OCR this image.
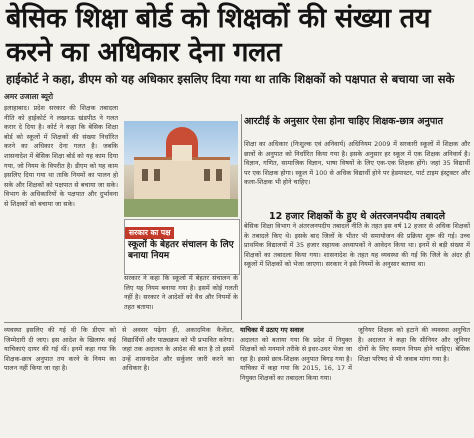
बेसिक शिक्षा बोर्ड को शिक्षकों की संख्या तय करने का अधिकार देना गलत
हाईकोर्ट ने कहा, डीएम को यह अधिकार इसलिए दिया गया था ताकि शिक्षकों को पक्षपात से बचाया जा सके
अमर उजाला ब्यूरो

इलाहाबाद। प्रदेश सरकार की शिक्षक तबादला नीति को हाईकोर्ट ने लखनऊ खंडपीठ ने गलत करार दे दिया है। कोर्ट ने कहा कि बेसिक शिक्षा बोर्ड को स्कूलों में शिक्षकों की संख्या निर्धारित करने का अधिकार देना गलत है। जबकि शासनादेश में बेसिक शिक्षा बोर्ड को यह काम दिया गया, जो नियम के विपरीत है। डीएम को यह काम इसलिए दिया गया था ताकि नियमों का पालन हो सके और शिक्षकों को पक्षपात से बचाया जा सके। विभाग के अधिकारियों के पक्षपात और दुर्भावना से शिक्षकों को बचाया जा सके।

सरकार का पक्ष
स्कूलों के बेहतर संचालन के लिए बनाया नियम

सरकार ने कहा कि स्कूलों में बेहतर संचालन के लिए यह नियम बनाया गया है। इसमें कोई गलती नहीं है। सरकार ने आदेशों को वैध और नियमों के तहत बताया।

आरटीई के अनुसार ऐसा होना चाहिए शिक्षक-छात्र अनुपात

शिक्षा का अधिकार (निःशुल्क एवं अनिवार्य) अधिनियम 2009 में सरकारी स्कूलों में शिक्षक और छात्रों के अनुपात को निर्धारित किया गया है। इसके अनुसार हर स्कूल में एक शिक्षक अनिवार्य है। विज्ञान, गणित, सामाजिक विज्ञान, भाषा विषयों के लिए एक-एक शिक्षक होंगे। जहां 35 विद्यार्थी पर एक शिक्षक होगा। स्कूल में 100 से अधिक विद्यार्थी होने पर हेडमास्टर, पार्ट टाइम इंस्ट्रक्टर और कला-शिक्षक भी होने चाहिए।

12 हजार शिक्षकों के हुए थे अंतरजनपदीय तबादले

बेसिक शिक्षा विभाग ने अंतरजनपदीय तबादले नीति के तहत इस वर्ष 12 हजार से अधिक शिक्षकों के तबादले किए थे। इसके बाद जिलों के भीतर भी समायोजन की प्रक्रिया शुरू की गई। उच्च प्राथमिक विद्यालयों में 35 हजार सहायक अध्यापकों ने आवेदन किया था। इनमें से बड़ी संख्या में शिक्षकों का तबादला किया गया। शासनादेश के तहत यह व्यवस्था की गई कि जिले के अंदर ही स्कूलों में शिक्षकों को भेजा जाएगा। सरकार ने इसे नियमों के अनुसार बताया था।

व्यवस्था इसलिए की गई थी कि डीएम को जिम्मेदारी दी जाए। इस आदेश के खिलाफ कई याचिकाएं दायर की गई थीं। इनमें कहा गया कि शिक्षक-छात्र अनुपात तय करने के नियम का पालन नहीं किया जा रहा है।

से अवसर पढ़ेगा ही, अकादमिक कैलेंडर, विद्यार्थियों और पाठ्यक्रम को भी प्रभावित करेगा। जहां तक अदालत के आदेश की बात है तो इसमें उन्हें शासनादेश और सर्कुलर जारी करने का अधिकार है।

याचिका में उठाए गए सवाल

अदालत को बताया गया कि प्रदेश में नियुक्त शिक्षकों को मनमाने तरीके से इधर-उधर भेजा जा रहा है। इससे छात्र-शिक्षक अनुपात बिगड़ गया है। याचिका में कहा गया कि 2015, 16, 17 में नियुक्त शिक्षकों का तबादला किया गया।

जूनियर शिक्षक को हटाने की व्यवस्था अनुचित है। अदालत ने कहा कि सीनियर और जूनियर दोनों के लिए समान नियम होने चाहिए। बेसिक शिक्षा परिषद से भी जवाब मांगा गया है।
